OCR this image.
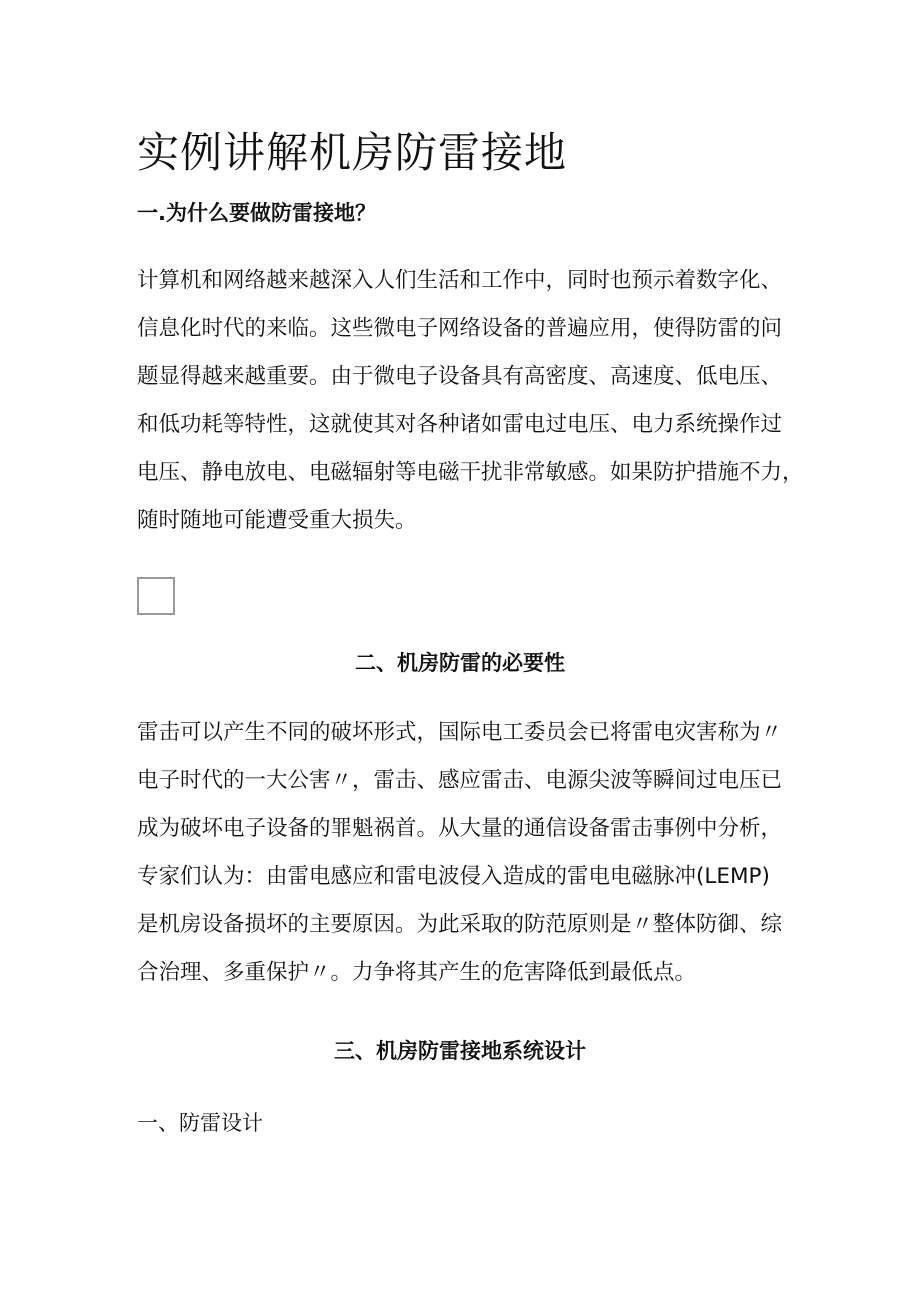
实例讲解机房防雷接地
一.为什么要做防雷接地？
计算机和网络越来越深入人们生活和工作中，同时也预示着数字化、
信息化时代的来临。这些微电子网络设备的普遍应用，使得防雷的问
题显得越来越重要。由于微电子设备具有高密度、高速度、低电压、
和低功耗等特性，这就使其对各种诸如雷电过电压、电力系统操作过
电压、静电放电、电磁辐射等电磁干扰非常敏感。如果防护措施不力，
随时随地可能遭受重大损失。
二、机房防雷的必要性
雷击可以产生不同的破坏形式，国际电工委员会已将雷电灾害称为〃
电子时代的一大公害〃，雷击、感应雷击、电源尖波等瞬间过电压已
成为破坏电子设备的罪魁祸首。从大量的通信设备雷击事例中分析，
专家们认为：由雷电感应和雷电波侵入造成的雷电电磁脉冲(LEMP)
是机房设备损坏的主要原因。为此采取的防范原则是〃整体防御、综
合治理、多重保护〃。力争将其产生的危害降低到最低点。
三、机房防雷接地系统设计
一、防雷设计
